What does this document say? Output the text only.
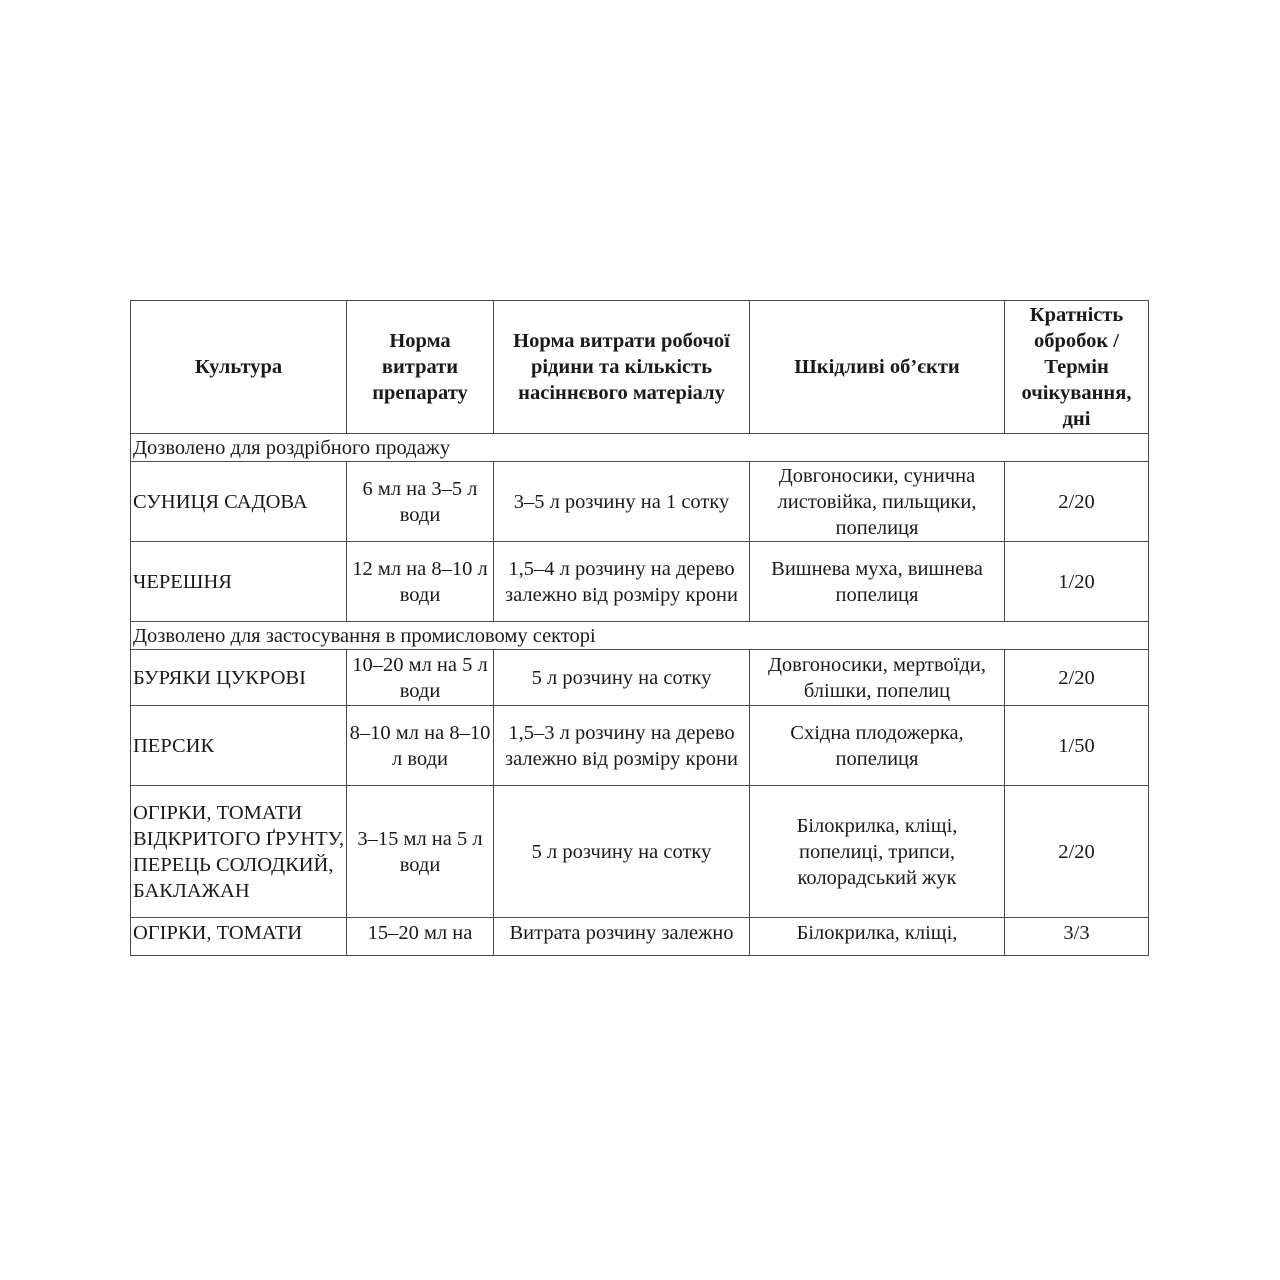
Культура	Норма витрати препарату	Норма витрати робочої рідини та кількість насіннєвого матеріалу	Шкідливі об’єкти	Кратність обробок / Термін очікування, дні
Дозволено для роздрібного продажу				
СУНИЦЯ САДОВА	6 мл на 3–5 л води	3–5 л розчину на 1 сотку	Довгоносики, сунична листовійка, пильщики, попелиця	2/20
ЧЕРЕШНЯ	12 мл на 8–10 л води	1,5–4 л розчину на дерево залежно від розміру крони	Вишнева муха, вишнева попелиця	1/20
Дозволено для застосування в промисловому секторі				
БУРЯКИ ЦУКРОВІ	10–20 мл на 5 л води	5 л розчину на сотку	Довгоносики, мертвоїди, блішки, попелиц	2/20
ПЕРСИК	8–10 мл на 8–10 л води	1,5–3 л розчину на дерево залежно від розміру крони	Східна плодожерка, попелиця	1/50
ОГІРКИ, ТОМАТИ ВІДКРИТОГО ҐРУНТУ, ПЕРЕЦЬ СОЛОДКИЙ, БАКЛАЖАН	3–15 мл на 5 л води	5 л розчину на сотку	Білокрилка, кліщі, попелиці, трипси, колорадський жук	2/20
ОГІРКИ, ТОМАТИ	15–20 мл на	Витрата розчину залежно	Білокрилка, кліщі,	3/3
